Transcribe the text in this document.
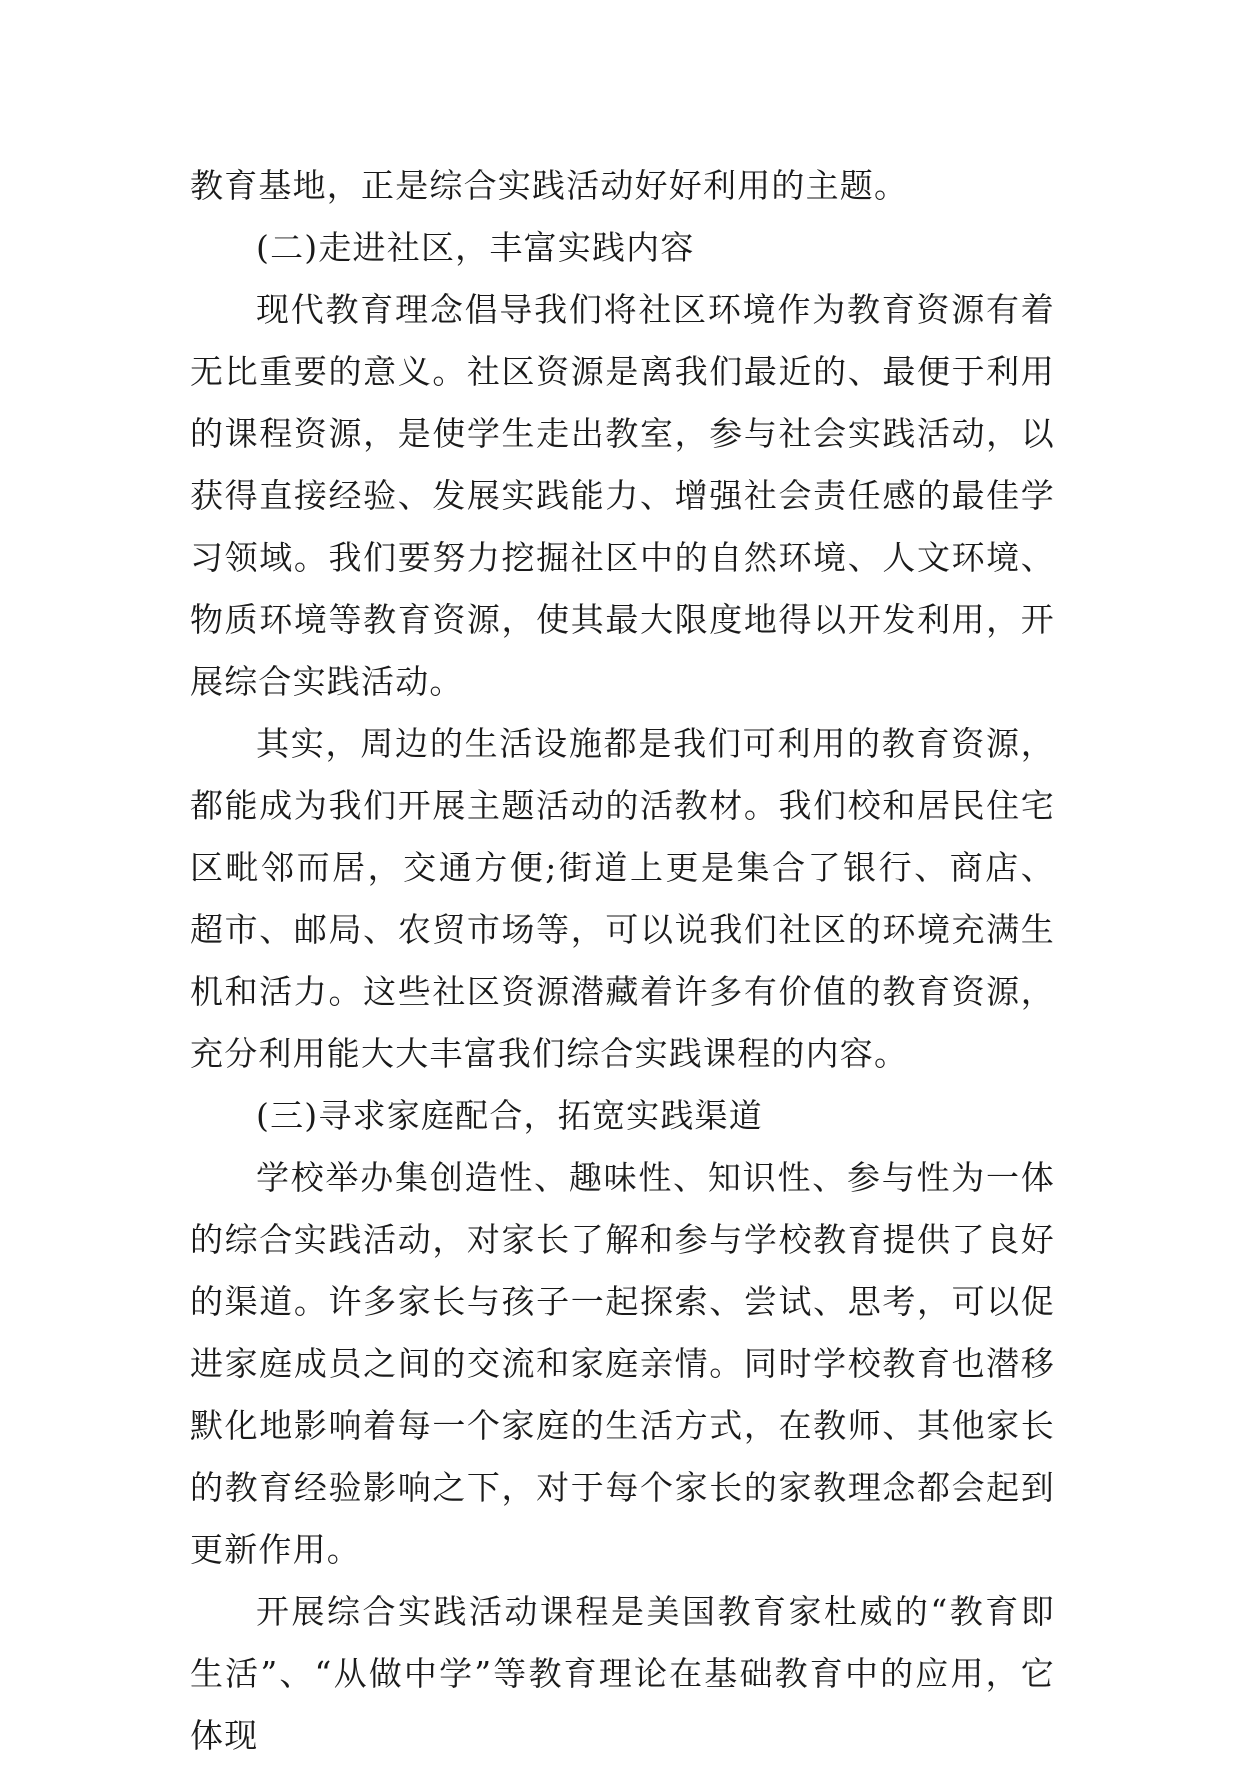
教育基地，正是综合实践活动好好利用的主题。

(二)走进社区，丰富实践内容

现代教育理念倡导我们将社区环境作为教育资源有着无比重要的意义。社区资源是离我们最近的、最便于利用的课程资源，是使学生走出教室，参与社会实践活动，以获得直接经验、发展实践能力、增强社会责任感的最佳学习领域。我们要努力挖掘社区中的自然环境、人文环境、物质环境等教育资源，使其最大限度地得以开发利用，开展综合实践活动。

其实，周边的生活设施都是我们可利用的教育资源，都能成为我们开展主题活动的活教材。我们校和居民住宅区毗邻而居，交通方便;街道上更是集合了银行、商店、超市、邮局、农贸市场等，可以说我们社区的环境充满生机和活力。这些社区资源潜藏着许多有价值的教育资源，充分利用能大大丰富我们综合实践课程的内容。

(三)寻求家庭配合，拓宽实践渠道

学校举办集创造性、趣味性、知识性、参与性为一体的综合实践活动，对家长了解和参与学校教育提供了良好的渠道。许多家长与孩子一起探索、尝试、思考，可以促进家庭成员之间的交流和家庭亲情。同时学校教育也潜移默化地影响着每一个家庭的生活方式，在教师、其他家长的教育经验影响之下，对于每个家长的家教理念都会起到更新作用。

开展综合实践活动课程是美国教育家杜威的“教育即生活”、“从做中学”等教育理论在基础教育中的应用，它体现
